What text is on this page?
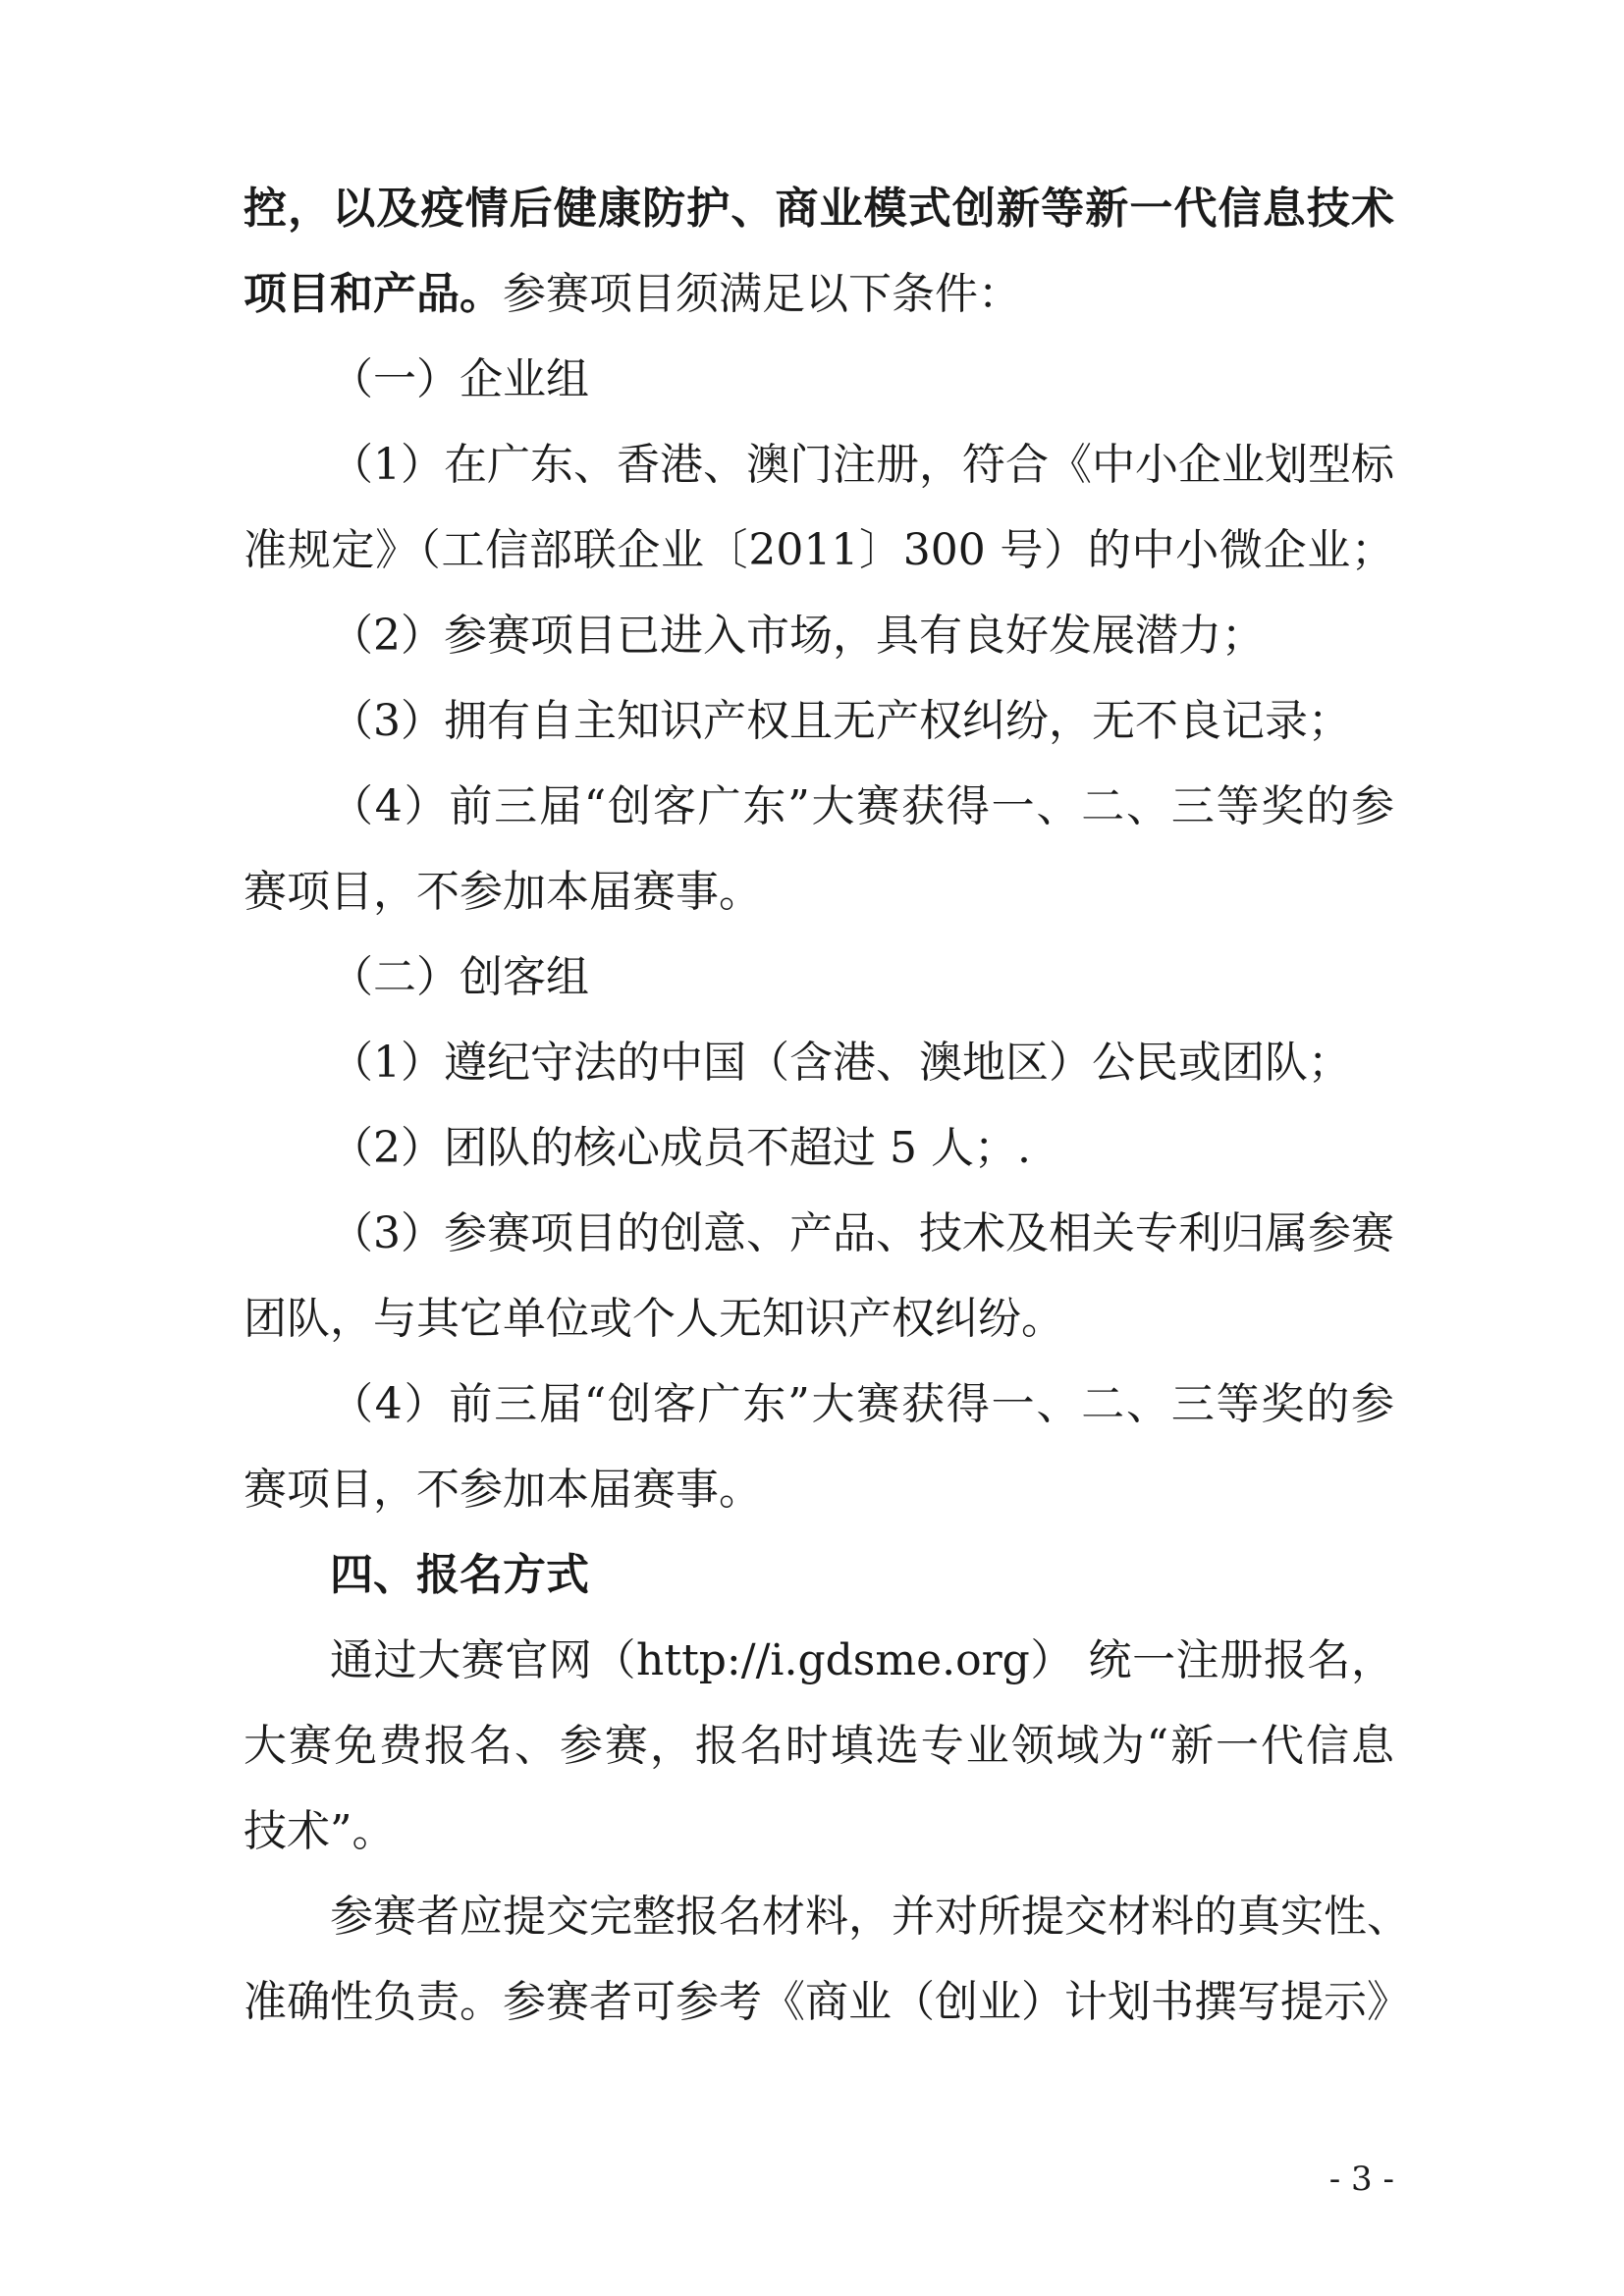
控，以及疫情后健康防护、商业模式创新等新一代信息技术
项目和产品。参赛项目须满足以下条件：
（一）企业组
（1）在广东、香港、澳门注册，符合《中小企业划型标
准规定》（工信部联企业〔2011〕300 号）的中小微企业；
（2）参赛项目已进入市场，具有良好发展潜力；
（3）拥有自主知识产权且无产权纠纷，无不良记录；
（4）前三届“创客广东”大赛获得一、二、三等奖的参
赛项目，不参加本届赛事。
（二）创客组
（1）遵纪守法的中国（含港、澳地区）公民或团队；
（2）团队的核心成员不超过 5 人；.
（3）参赛项目的创意、产品、技术及相关专利归属参赛
团队，与其它单位或个人无知识产权纠纷。
（4）前三届“创客广东”大赛获得一、二、三等奖的参
赛项目，不参加本届赛事。
四、报名方式
通过大赛官网（http://i.gdsme.org） 统一注册报名，
大赛免费报名、参赛，报名时填选专业领域为“新一代信息
技术”。
参赛者应提交完整报名材料，并对所提交材料的真实性、
准确性负责。参赛者可参考《商业（创业）计划书撰写提示》
- 3 -
